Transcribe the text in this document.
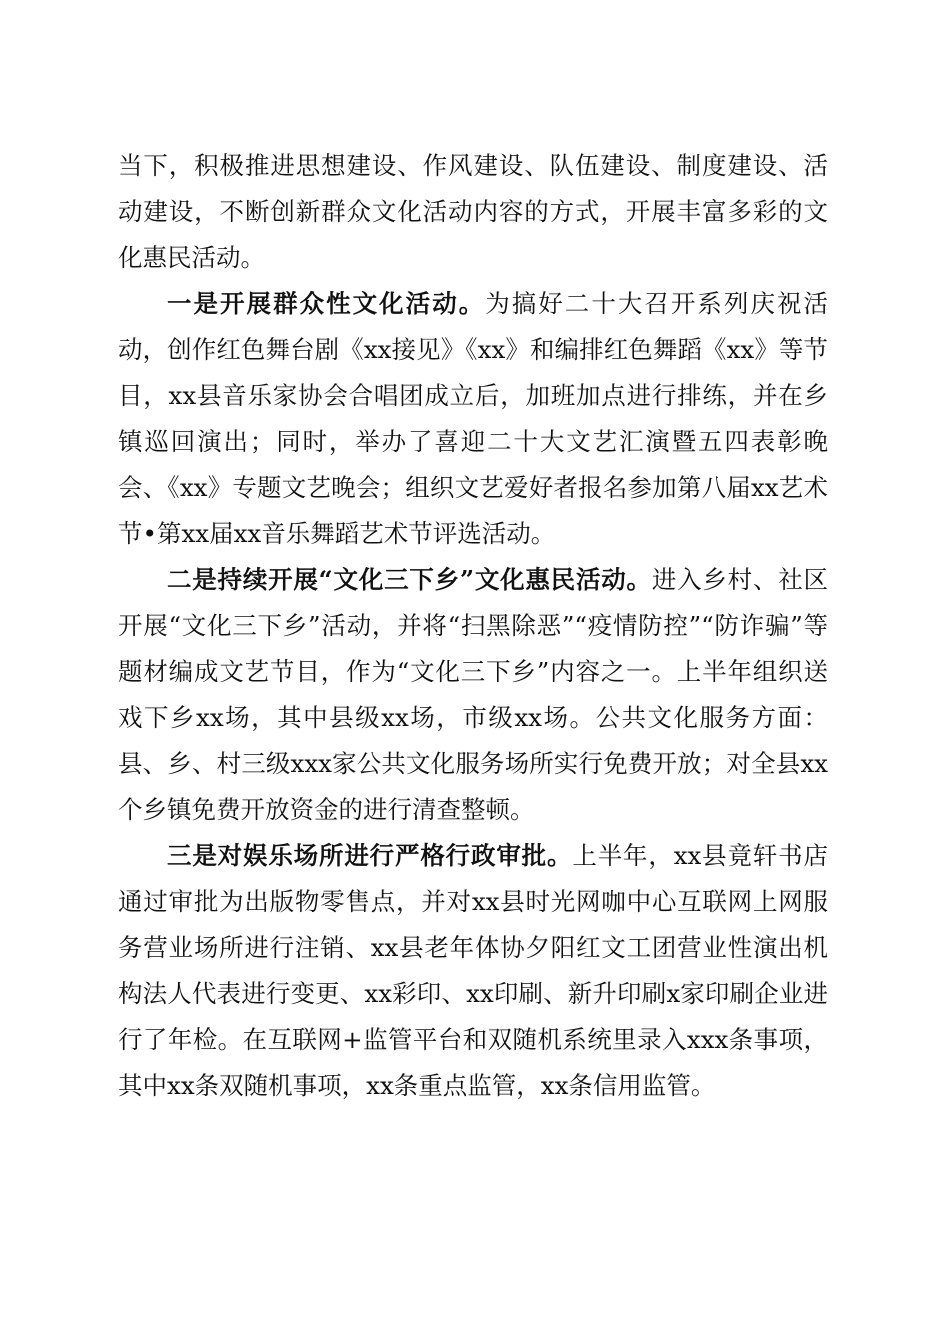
当下，积极推进思想建设、作风建设、队伍建设、制度建设、活动建设，不断创新群众文化活动内容的方式，开展丰富多彩的文化惠民活动。

一是开展群众性文化活动。为搞好二十大召开系列庆祝活动，创作红色舞台剧《xx接见》《xx》和编排红色舞蹈《xx》等节目，xx县音乐家协会合唱团成立后，加班加点进行排练，并在乡镇巡回演出；同时，举办了喜迎二十大文艺汇演暨五四表彰晚会、《xx》专题文艺晚会；组织文艺爱好者报名参加第八届xx艺术节•第xx届xx音乐舞蹈艺术节评选活动。

二是持续开展“文化三下乡”文化惠民活动。进入乡村、社区开展“文化三下乡”活动，并将“扫黑除恶”“疫情防控”“防诈骗”等题材编成文艺节目，作为“文化三下乡”内容之一。上半年组织送戏下乡xx场，其中县级xx场，市级xx场。公共文化服务方面：县、乡、村三级xxx家公共文化服务场所实行免费开放；对全县xx个乡镇免费开放资金的进行清查整顿。

三是对娱乐场所进行严格行政审批。上半年，xx县竟轩书店通过审批为出版物零售点，并对xx县时光网咖中心互联网上网服务营业场所进行注销、xx县老年体协夕阳红文工团营业性演出机构法人代表进行变更、xx彩印、xx印刷、新升印刷x家印刷企业进行了年检。在互联网+监管平台和双随机系统里录入xxx条事项，其中xx条双随机事项，xx条重点监管，xx条信用监管。
